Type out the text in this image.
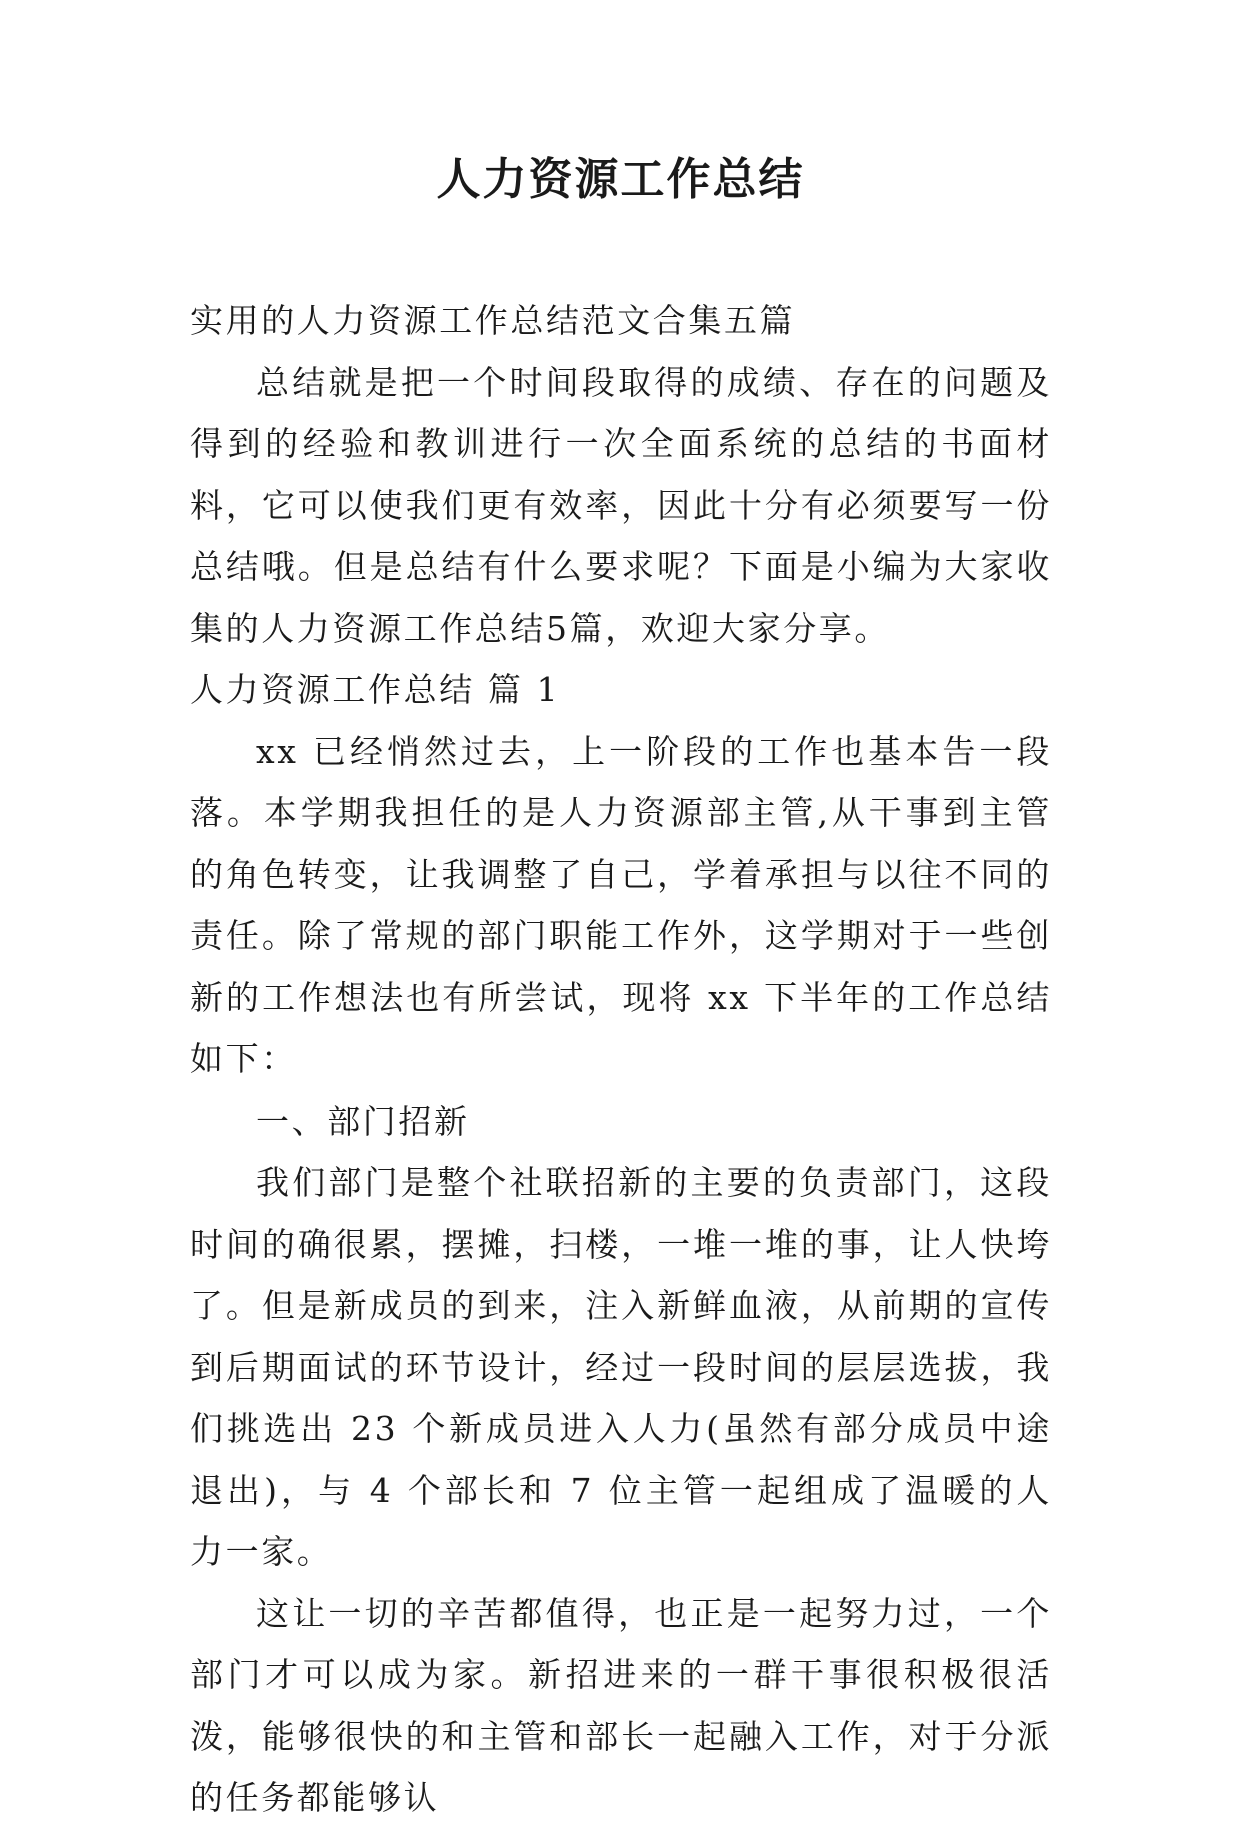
人力资源工作总结

实用的人力资源工作总结范文合集五篇

总结就是把一个时间段取得的成绩、存在的问题及得到的经验和教训进行一次全面系统的总结的书面材料，它可以使我们更有效率，因此十分有必须要写一份总结哦。但是总结有什么要求呢？下面是小编为大家收集的人力资源工作总结5篇，欢迎大家分享。

人力资源工作总结 篇 1

xx 已经悄然过去，上一阶段的工作也基本告一段落。本学期我担任的是人力资源部主管,从干事到主管的角色转变，让我调整了自己，学着承担与以往不同的责任。除了常规的部门职能工作外，这学期对于一些创新的工作想法也有所尝试，现将 xx 下半年的工作总结如下：

一、部门招新

我们部门是整个社联招新的主要的负责部门，这段时间的确很累，摆摊，扫楼，一堆一堆的事，让人快垮了。但是新成员的到来，注入新鲜血液，从前期的宣传到后期面试的环节设计，经过一段时间的层层选拔，我们挑选出 23 个新成员进入人力(虽然有部分成员中途退出)，与 4 个部长和 7 位主管一起组成了温暖的人力一家。

这让一切的辛苦都值得，也正是一起努力过，一个部门才可以成为家。新招进来的一群干事很积极很活泼，能够很快的和主管和部长一起融入工作，对于分派的任务都能够认
